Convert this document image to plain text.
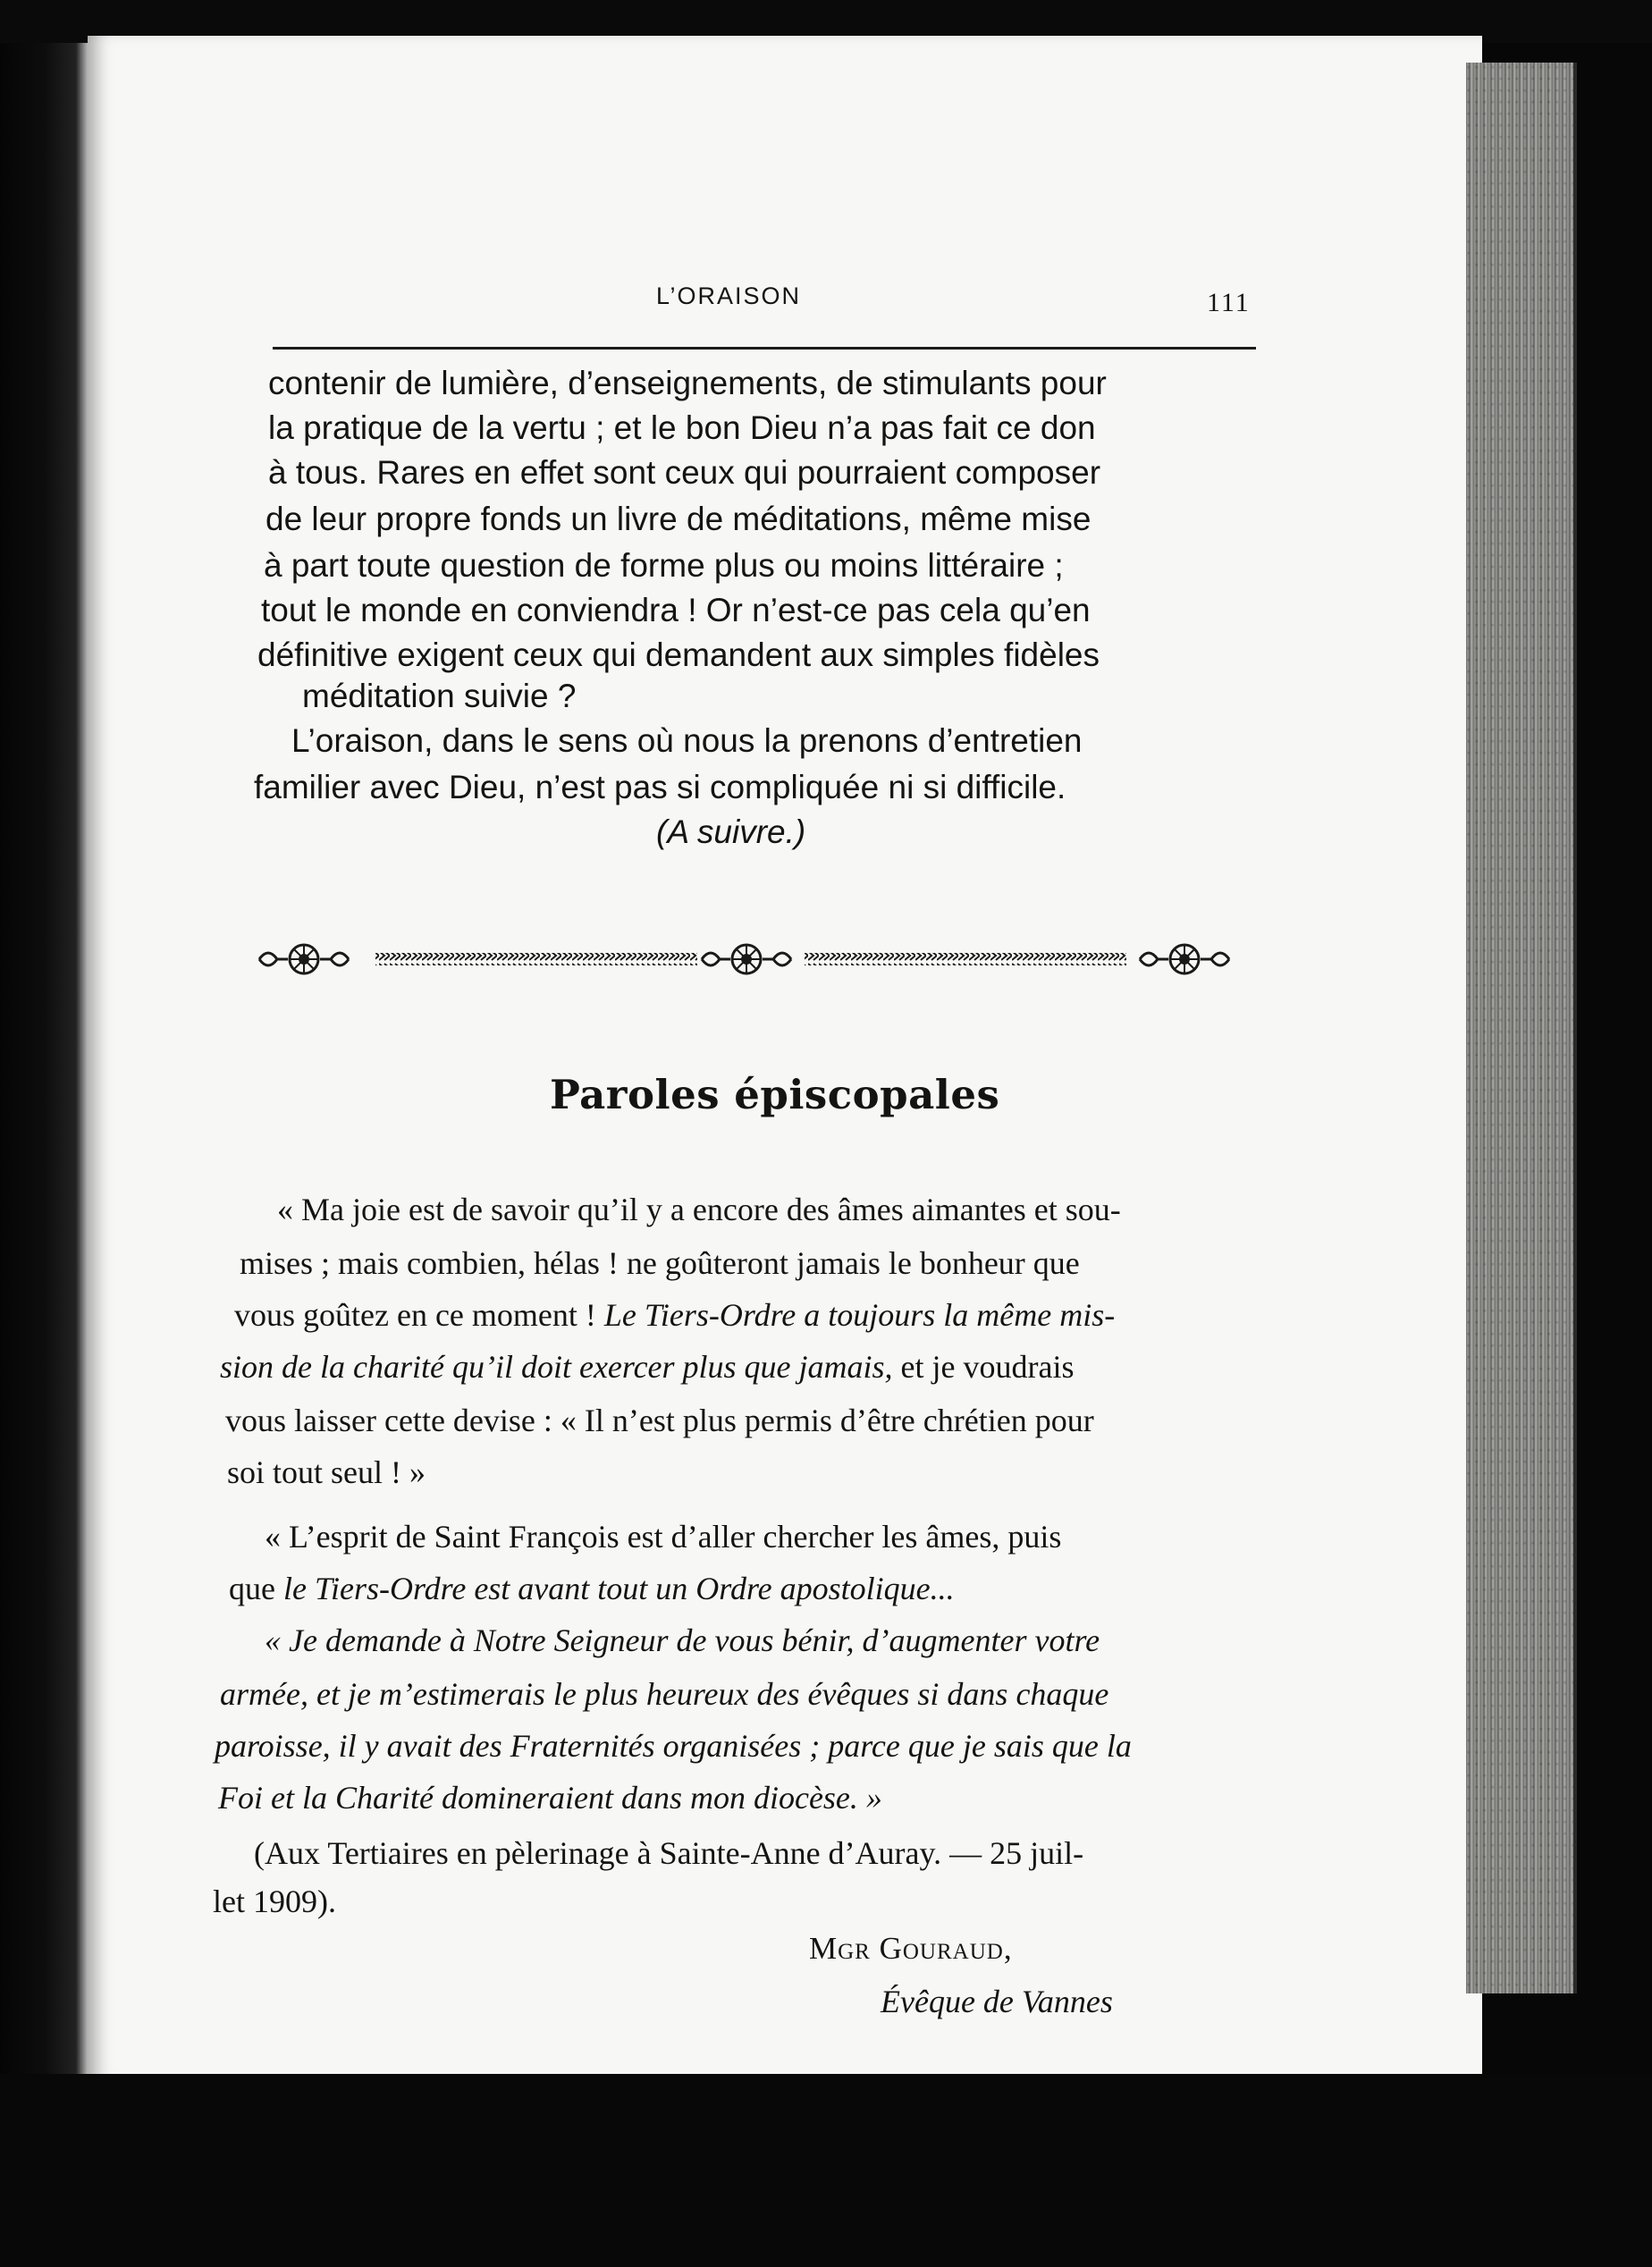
L’ORAISON	111
contenir de lumière, d’enseignements, de stimulants pour
la pratique de la vertu ; et le bon Dieu n’a pas fait ce don
à tous. Rares en effet sont ceux qui pourraient composer
de leur propre fonds un livre de méditations, même mise
à part toute question de forme plus ou moins littéraire ;
tout le monde en conviendra ! Or n’est-ce pas cela qu’en
définitive exigent ceux qui demandent aux simples fidèles
méditation suivie ?
L’oraison, dans le sens où nous la prenons d’entretien
familier avec Dieu, n’est pas si compliquée ni si difficile.
(A suivre.)
Paroles épiscopales
« Ma joie est de savoir qu’il y a encore des âmes aimantes et sou-
mises ; mais combien, hélas ! ne goûteront jamais le bonheur que
vous goûtez en ce moment ! Le Tiers-Ordre a toujours la même mis-
sion de la charité qu’il doit exercer plus que jamais, et je voudrais
vous laisser cette devise : « Il n’est plus permis d’être chrétien pour
soi tout seul ! »
« L’esprit de Saint François est d’aller chercher les âmes, puis
que le Tiers-Ordre est avant tout un Ordre apostolique...
« Je demande à Notre Seigneur de vous bénir, d’augmenter votre
armée, et je m’estimerais le plus heureux des évêques si dans chaque
paroisse, il y avait des Fraternités organisées ; parce que je sais que la
Foi et la Charité domineraient dans mon diocèse. »
(Aux Tertiaires en pèlerinage à Sainte-Anne d’Auray. — 25 juil-
let 1909).
Mgr Gouraud,
Évêque de Vannes
